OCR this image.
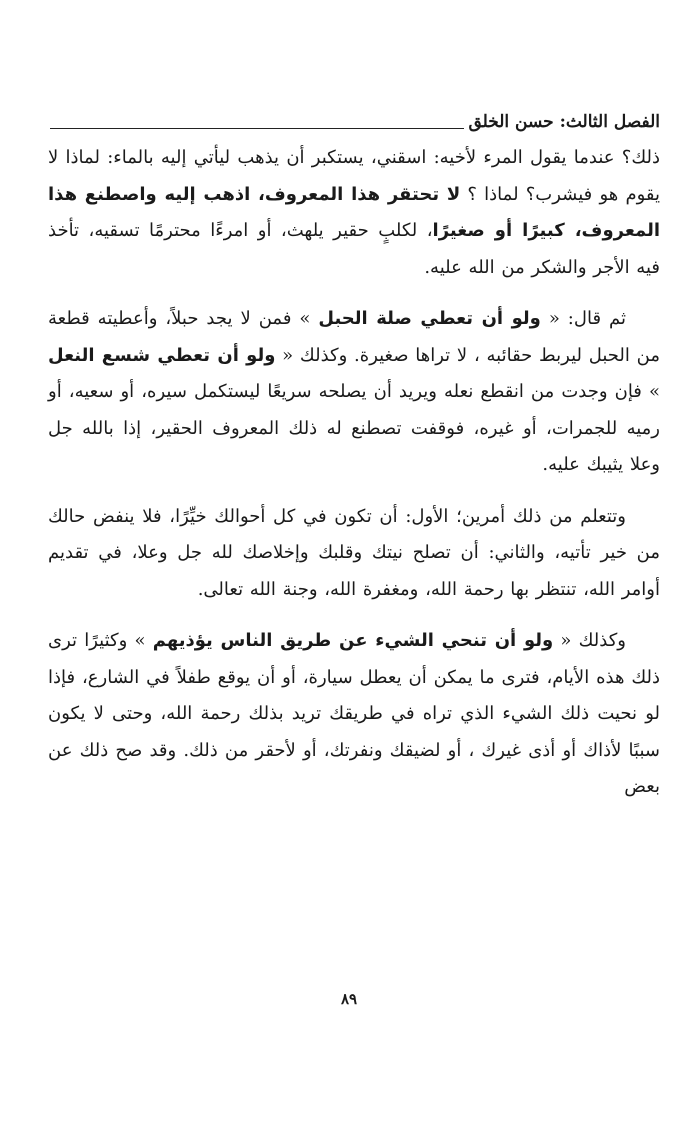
الفصل الثالث: حسن الخلق

ذلك؟ عندما يقول المرء لأخيه: اسقني، يستكبر أن يذهب ليأتي إليه بالماء: لماذا لا يقوم هو فيشرب؟ لماذا ؟ لا تحتقر هذا المعروف، اذهب إليه واصطنع هذا المعروف، كبيرًا أو صغيرًا، لكلبٍ حقير يلهث، أو امرءًا محترمًا تسقيه، تأخذ فيه الأجر والشكر من الله عليه.

ثم قال: « ولو أن تعطي صلة الحبل » فمن لا يجد حبلاً، وأعطيته قطعة من الحبل ليربط حقائبه ، لا تراها صغيرة. وكذلك « ولو أن تعطي شسع النعل » فإن وجدت من انقطع نعله ويريد أن يصلحه سريعًا ليستكمل سيره، أو سعيه، أو رميه للجمرات، أو غيره، فوقفت تصطنع له ذلك المعروف الحقير، إذا بالله جل وعلا يثيبك عليه.

وتتعلم من ذلك أمرين؛ الأول: أن تكون في كل أحوالك خيِّرًا، فلا ينفض حالك من خير تأتيه، والثاني: أن تصلح نيتك وقلبك وإخلاصك لله جل وعلا، في تقديم أوامر الله، تنتظر بها رحمة الله، ومغفرة الله، وجنة الله تعالى.

وكذلك « ولو أن تنحي الشيء عن طريق الناس يؤذيهم » وكثيرًا ترى ذلك هذه الأيام، فترى ما يمكن أن يعطل سيارة، أو أن يوقع طفلاً في الشارع، فإذا لو نحيت ذلك الشيء الذي تراه في طريقك تريد بذلك رحمة الله، وحتى لا يكون سببًا لأذاك أو أذى غيرك ، أو لضيقك ونفرتك، أو لأحقر من ذلك. وقد صح ذلك عن بعض

٨٩
